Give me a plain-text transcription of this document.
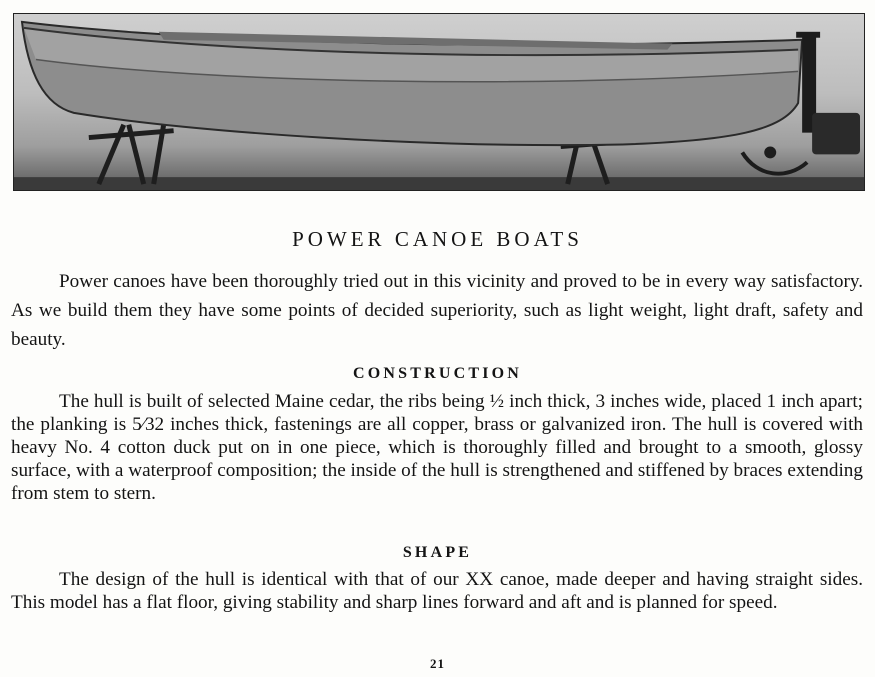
POWER CANOE BOATS

Power canoes have been thoroughly tried out in this vicinity and proved to be in every way satisfactory. As we build them they have some points of decided superiority, such as light weight, light draft, safety and beauty.

CONSTRUCTION

The hull is built of selected Maine cedar, the ribs being ½ inch thick, 3 inches wide, placed 1 inch apart; the planking is 5⁄32 inches thick, fastenings are all copper, brass or galvanized iron. The hull is covered with heavy No. 4 cotton duck put on in one piece, which is thoroughly filled and brought to a smooth, glossy surface, with a waterproof composition; the inside of the hull is strengthened and stiffened by braces extending from stem to stern.

SHAPE

The design of the hull is identical with that of our XX canoe, made deeper and having straight sides. This model has a flat floor, giving stability and sharp lines forward and aft and is planned for speed.

21
